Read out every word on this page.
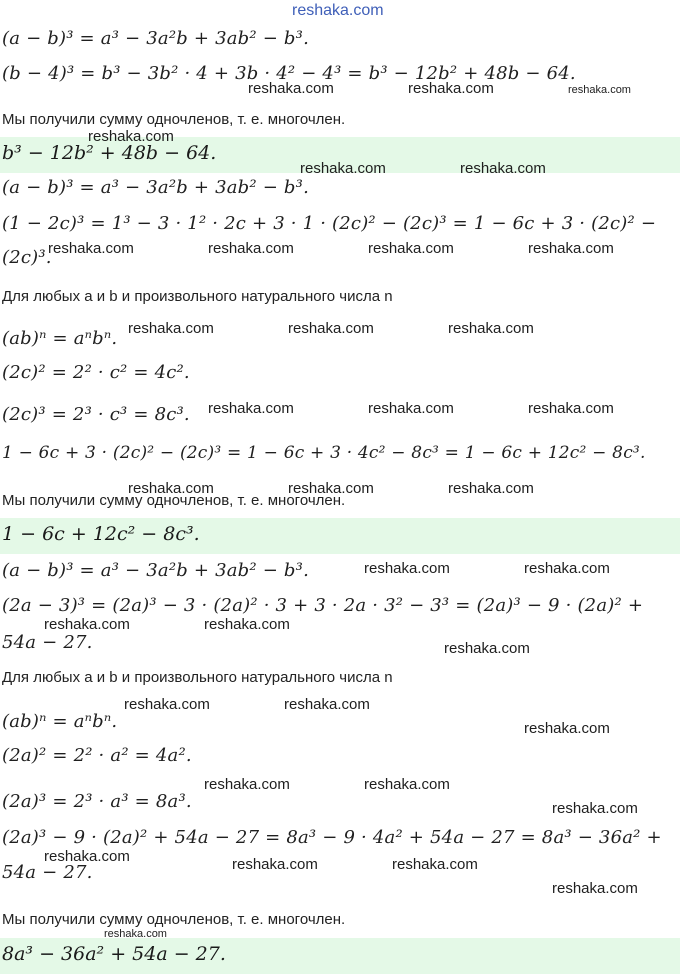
reshaka.com
(a − b)³ = a³ − 3a²b + 3ab² − b³.
(b − 4)³ = b³ − 3b² · 4 + 3b · 4² − 4³ = b³ − 12b² + 48b − 64.
Мы получили сумму одночленов, т. е. многочлен.
b³ − 12b² + 48b − 64.
(a − b)³ = a³ − 3a²b + 3ab² − b³.
(1 − 2c)³ = 1³ − 3 · 1² · 2c + 3 · 1 · (2c)² − (2c)³ = 1 − 6c + 3 · (2c)² −
(2c)³.
Для любых a и b и произвольного натурального числа n
(ab)ⁿ = aⁿbⁿ.
(2c)² = 2² · c² = 4c².
(2c)³ = 2³ · c³ = 8c³.
1 − 6c + 3 · (2c)² − (2c)³ = 1 − 6c + 3 · 4c² − 8c³ = 1 − 6c + 12c² − 8c³.
Мы получили сумму одночленов, т. е. многочлен.
1 − 6c + 12c² − 8c³.
(a − b)³ = a³ − 3a²b + 3ab² − b³.
(2a − 3)³ = (2a)³ − 3 · (2a)² · 3 + 3 · 2a · 3² − 3³ = (2a)³ − 9 · (2a)² +
54a − 27.
Для любых a и b и произвольного натурального числа n
(ab)ⁿ = aⁿbⁿ.
(2a)² = 2² · a² = 4a².
(2a)³ = 2³ · a³ = 8a³.
(2a)³ − 9 · (2a)² + 54a − 27 = 8a³ − 9 · 4a² + 54a − 27 = 8a³ − 36a² +
54a − 27.
Мы получили сумму одночленов, т. е. многочлен.
8a³ − 36a² + 54a − 27.
reshaka.com	reshaka.com	reshaka.com
reshaka.com
reshaka.com	reshaka.com
reshaka.com	reshaka.com	reshaka.com	reshaka.com
reshaka.com	reshaka.com	reshaka.com
reshaka.com	reshaka.com	reshaka.com
reshaka.com	reshaka.com	reshaka.com
reshaka.com	reshaka.com
reshaka.com	reshaka.com
reshaka.com
reshaka.com	reshaka.com
reshaka.com
reshaka.com	reshaka.com
reshaka.com
reshaka.com	reshaka.com	reshaka.com
reshaka.com
reshaka.com
